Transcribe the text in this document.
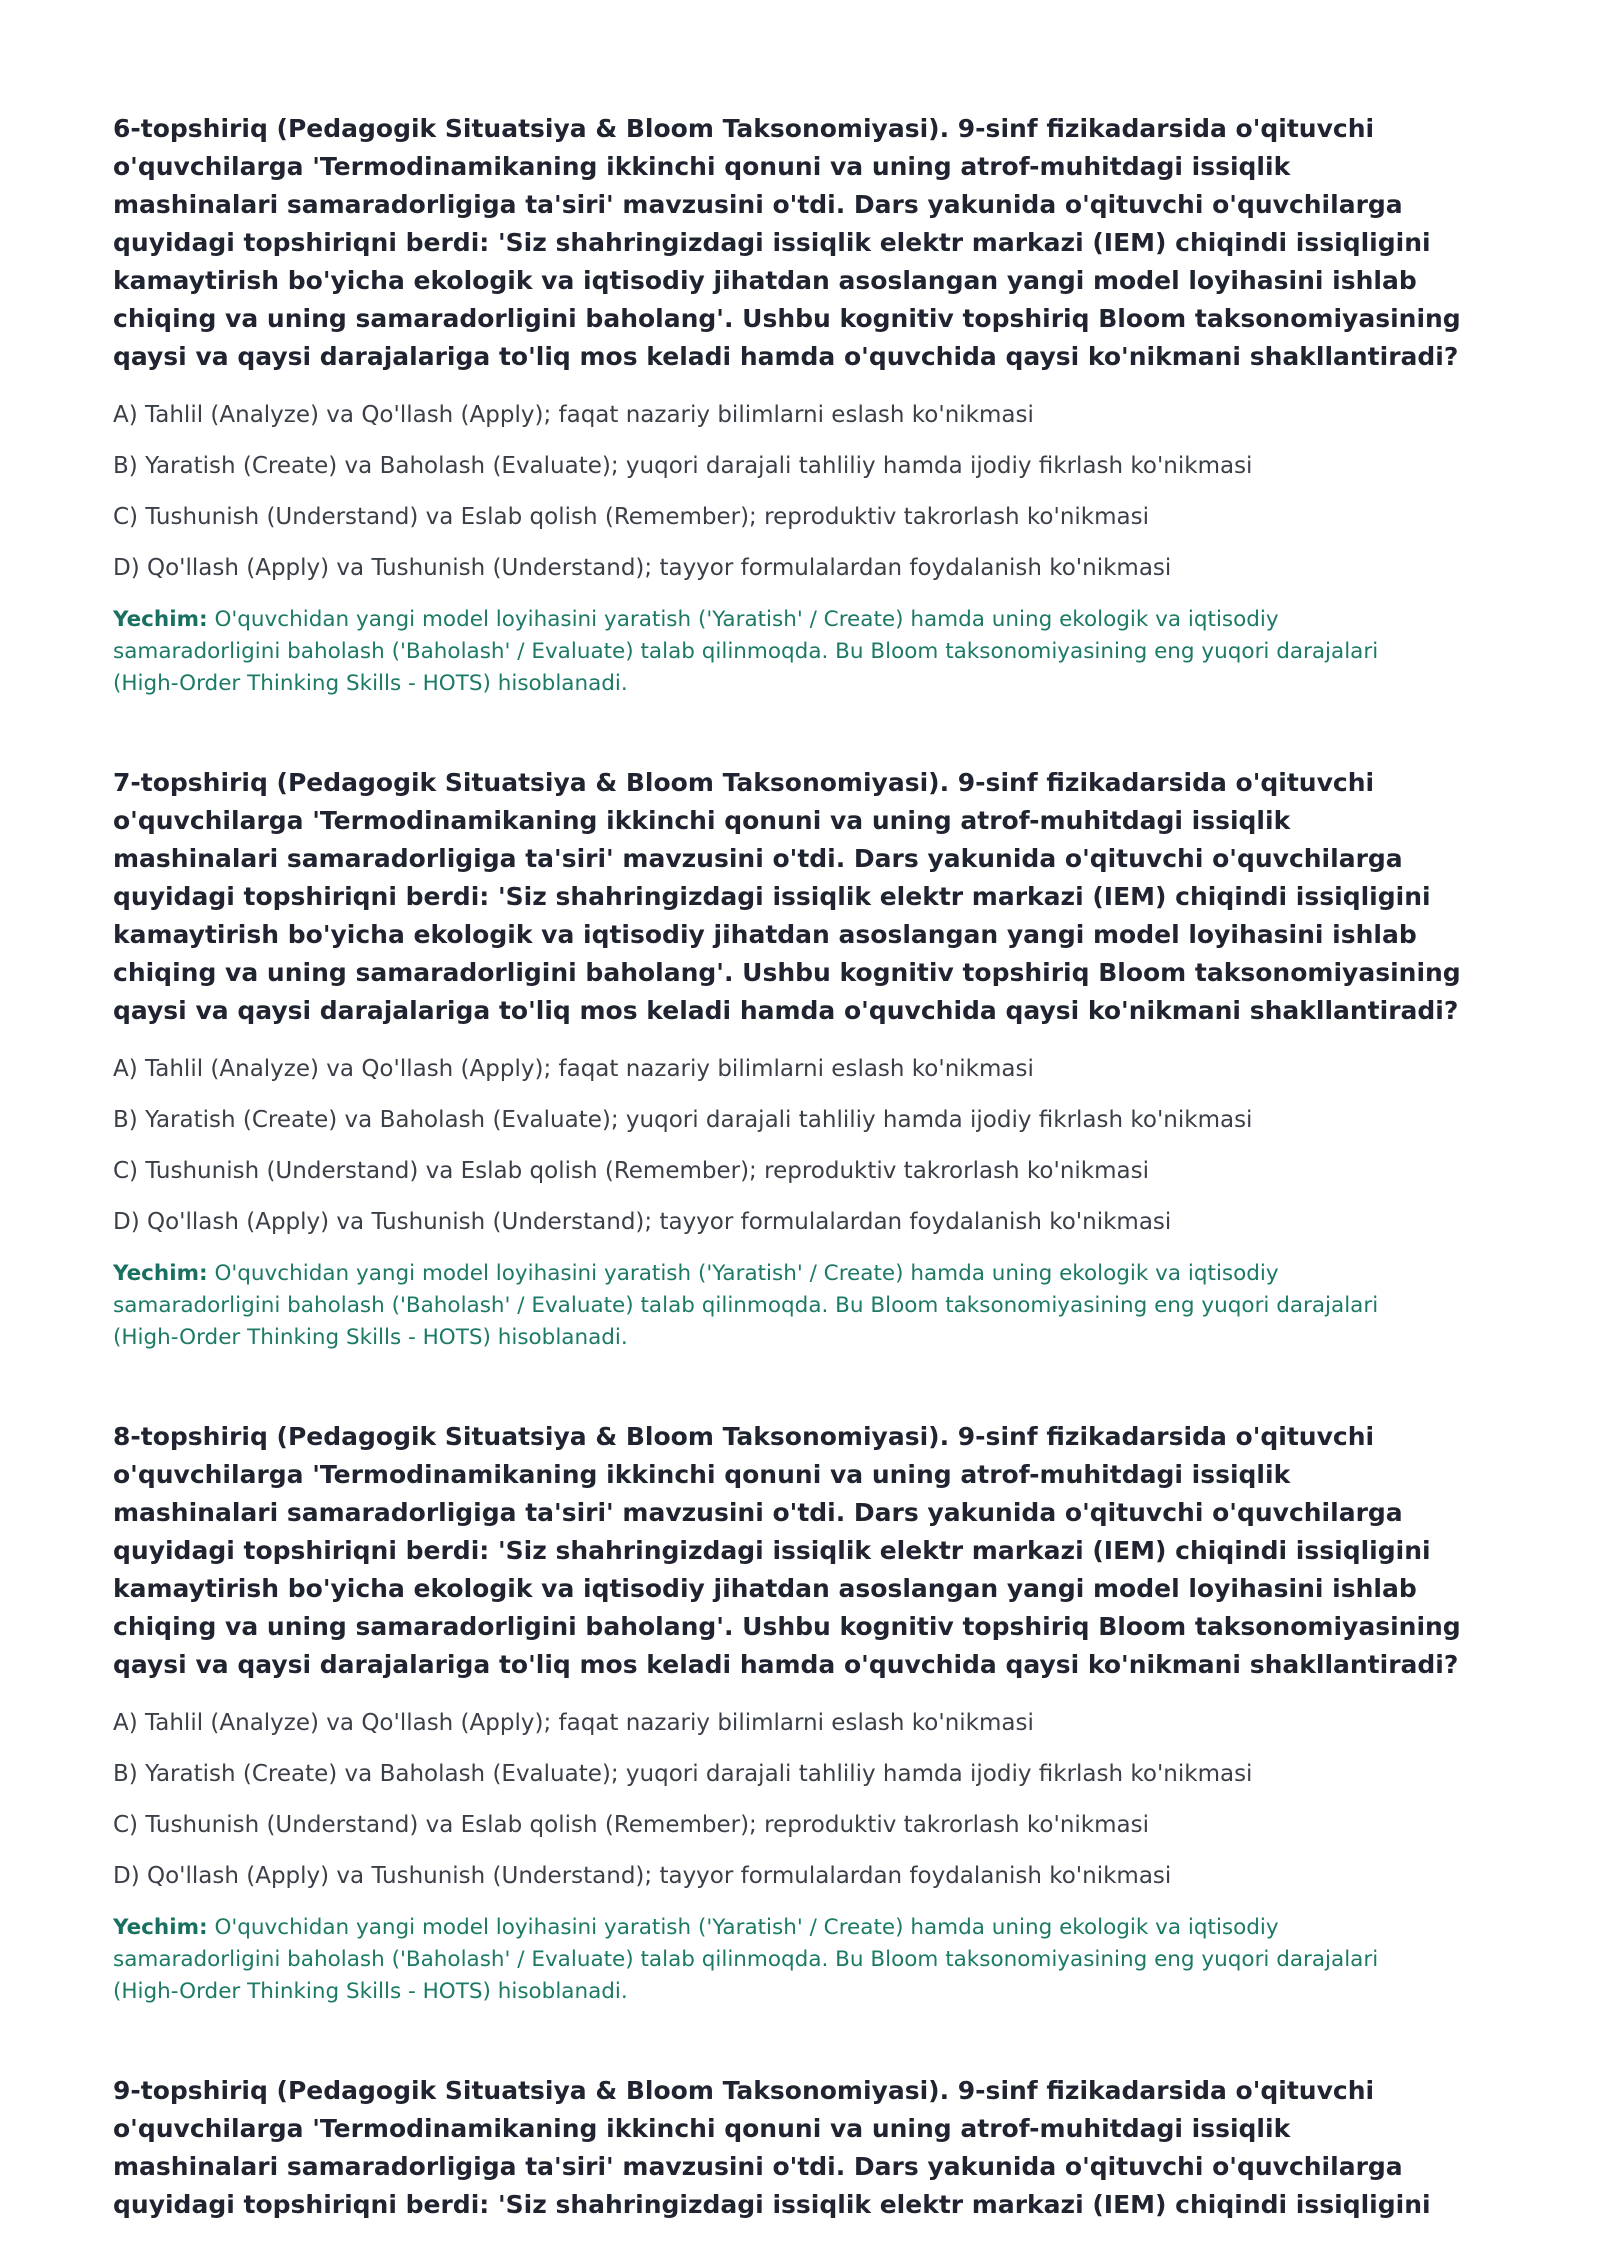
6-topshiriq (Pedagogik Situatsiya & Bloom Taksonomiyasi). 9-sinf fizikadarsida o'qituvchi
o'quvchilarga 'Termodinamikaning ikkinchi qonuni va uning atrof-muhitdagi issiqlik
mashinalari samaradorligiga ta'siri' mavzusini o'tdi. Dars yakunida o'qituvchi o'quvchilarga
quyidagi topshiriqni berdi: 'Siz shahringizdagi issiqlik elektr markazi (IEM) chiqindi issiqligini
kamaytirish bo'yicha ekologik va iqtisodiy jihatdan asoslangan yangi model loyihasini ishlab
chiqing va uning samaradorligini baholang'. Ushbu kognitiv topshiriq Bloom taksonomiyasining
qaysi va qaysi darajalariga to'liq mos keladi hamda o'quvchida qaysi ko'nikmani shakllantiradi?

A) Tahlil (Analyze) va Qo'llash (Apply); faqat nazariy bilimlarni eslash ko'nikmasi

B) Yaratish (Create) va Baholash (Evaluate); yuqori darajali tahliliy hamda ijodiy fikrlash ko'nikmasi

C) Tushunish (Understand) va Eslab qolish (Remember); reproduktiv takrorlash ko'nikmasi

D) Qo'llash (Apply) va Tushunish (Understand); tayyor formulalardan foydalanish ko'nikmasi

Yechim: O'quvchidan yangi model loyihasini yaratish ('Yaratish' / Create) hamda uning ekologik va iqtisodiy
samaradorligini baholash ('Baholash' / Evaluate) talab qilinmoqda. Bu Bloom taksonomiyasining eng yuqori darajalari
(High-Order Thinking Skills - HOTS) hisoblanadi.

7-topshiriq (Pedagogik Situatsiya & Bloom Taksonomiyasi). 9-sinf fizikadarsida o'qituvchi
o'quvchilarga 'Termodinamikaning ikkinchi qonuni va uning atrof-muhitdagi issiqlik
mashinalari samaradorligiga ta'siri' mavzusini o'tdi. Dars yakunida o'qituvchi o'quvchilarga
quyidagi topshiriqni berdi: 'Siz shahringizdagi issiqlik elektr markazi (IEM) chiqindi issiqligini
kamaytirish bo'yicha ekologik va iqtisodiy jihatdan asoslangan yangi model loyihasini ishlab
chiqing va uning samaradorligini baholang'. Ushbu kognitiv topshiriq Bloom taksonomiyasining
qaysi va qaysi darajalariga to'liq mos keladi hamda o'quvchida qaysi ko'nikmani shakllantiradi?

A) Tahlil (Analyze) va Qo'llash (Apply); faqat nazariy bilimlarni eslash ko'nikmasi

B) Yaratish (Create) va Baholash (Evaluate); yuqori darajali tahliliy hamda ijodiy fikrlash ko'nikmasi

C) Tushunish (Understand) va Eslab qolish (Remember); reproduktiv takrorlash ko'nikmasi

D) Qo'llash (Apply) va Tushunish (Understand); tayyor formulalardan foydalanish ko'nikmasi

Yechim: O'quvchidan yangi model loyihasini yaratish ('Yaratish' / Create) hamda uning ekologik va iqtisodiy
samaradorligini baholash ('Baholash' / Evaluate) talab qilinmoqda. Bu Bloom taksonomiyasining eng yuqori darajalari
(High-Order Thinking Skills - HOTS) hisoblanadi.

8-topshiriq (Pedagogik Situatsiya & Bloom Taksonomiyasi). 9-sinf fizikadarsida o'qituvchi
o'quvchilarga 'Termodinamikaning ikkinchi qonuni va uning atrof-muhitdagi issiqlik
mashinalari samaradorligiga ta'siri' mavzusini o'tdi. Dars yakunida o'qituvchi o'quvchilarga
quyidagi topshiriqni berdi: 'Siz shahringizdagi issiqlik elektr markazi (IEM) chiqindi issiqligini
kamaytirish bo'yicha ekologik va iqtisodiy jihatdan asoslangan yangi model loyihasini ishlab
chiqing va uning samaradorligini baholang'. Ushbu kognitiv topshiriq Bloom taksonomiyasining
qaysi va qaysi darajalariga to'liq mos keladi hamda o'quvchida qaysi ko'nikmani shakllantiradi?

A) Tahlil (Analyze) va Qo'llash (Apply); faqat nazariy bilimlarni eslash ko'nikmasi

B) Yaratish (Create) va Baholash (Evaluate); yuqori darajali tahliliy hamda ijodiy fikrlash ko'nikmasi

C) Tushunish (Understand) va Eslab qolish (Remember); reproduktiv takrorlash ko'nikmasi

D) Qo'llash (Apply) va Tushunish (Understand); tayyor formulalardan foydalanish ko'nikmasi

Yechim: O'quvchidan yangi model loyihasini yaratish ('Yaratish' / Create) hamda uning ekologik va iqtisodiy
samaradorligini baholash ('Baholash' / Evaluate) talab qilinmoqda. Bu Bloom taksonomiyasining eng yuqori darajalari
(High-Order Thinking Skills - HOTS) hisoblanadi.

9-topshiriq (Pedagogik Situatsiya & Bloom Taksonomiyasi). 9-sinf fizikadarsida o'qituvchi
o'quvchilarga 'Termodinamikaning ikkinchi qonuni va uning atrof-muhitdagi issiqlik
mashinalari samaradorligiga ta'siri' mavzusini o'tdi. Dars yakunida o'qituvchi o'quvchilarga
quyidagi topshiriqni berdi: 'Siz shahringizdagi issiqlik elektr markazi (IEM) chiqindi issiqligini
